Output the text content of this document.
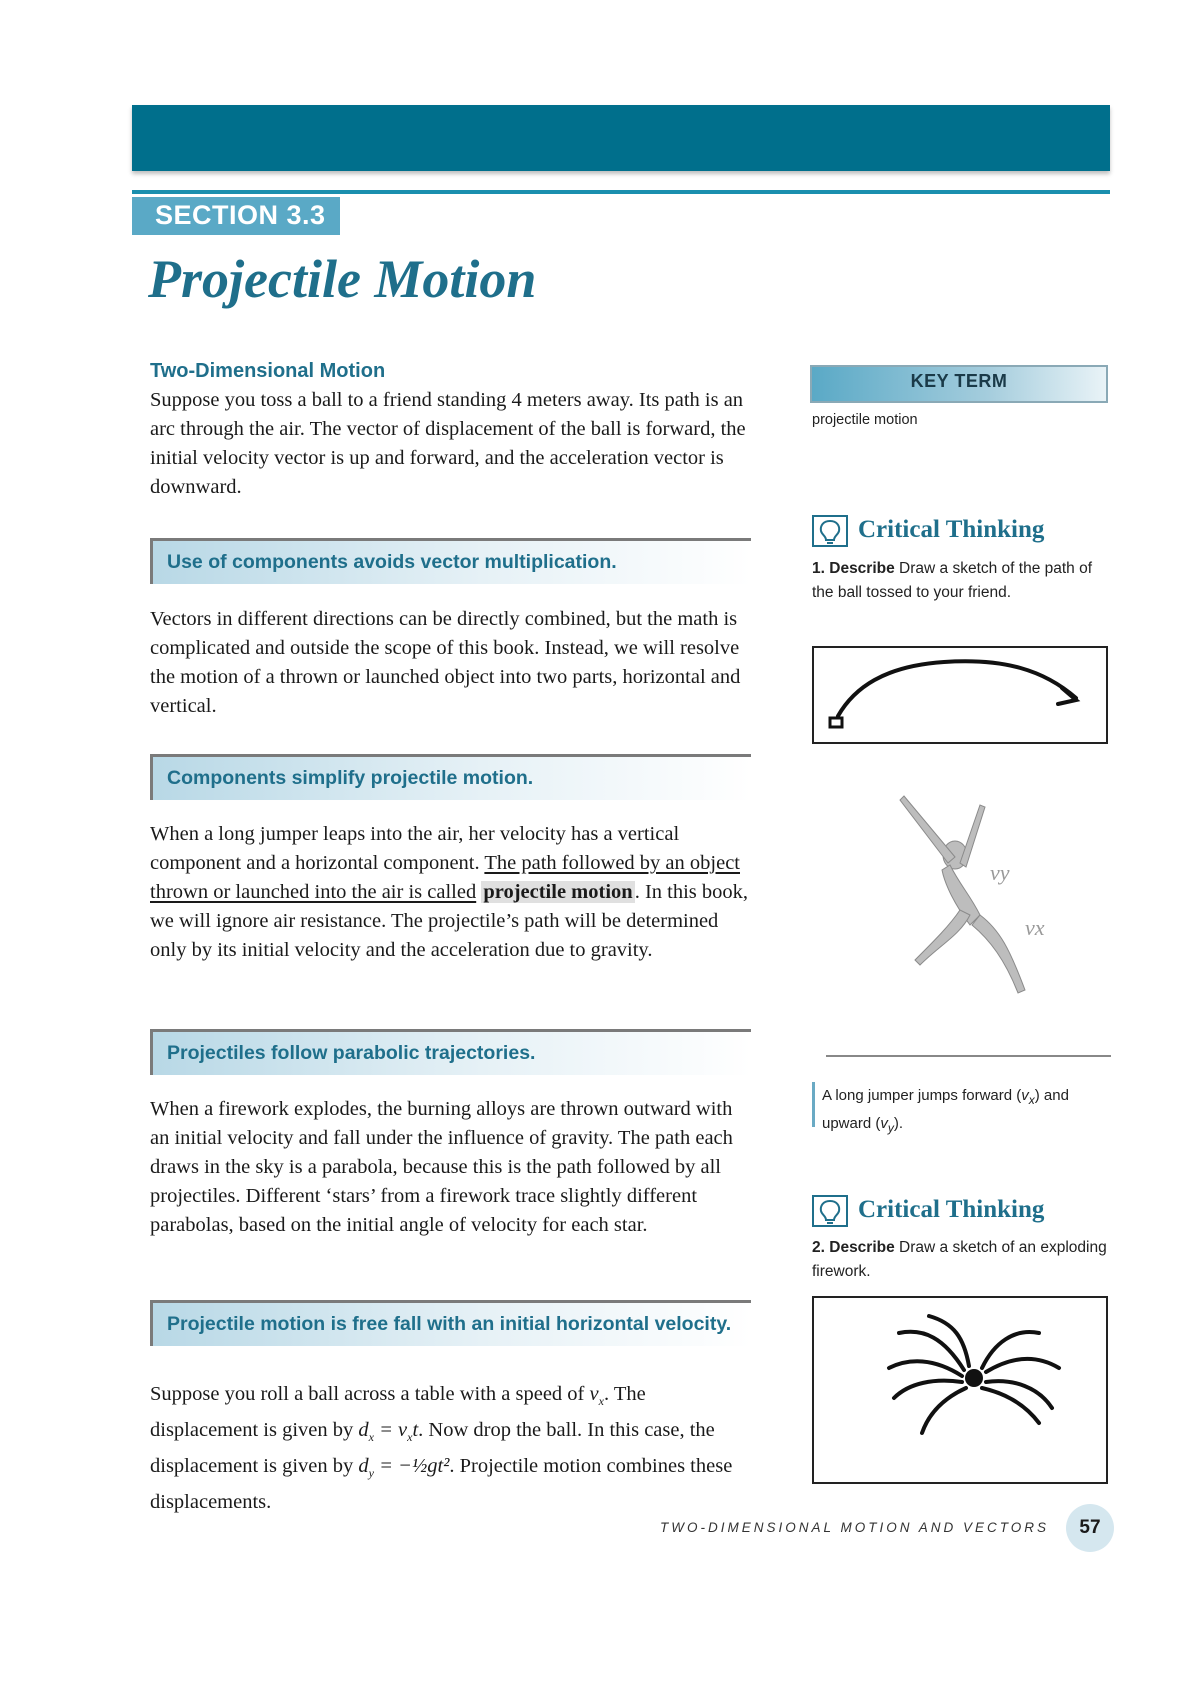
SECTION 3.3
Projectile Motion
Two-Dimensional Motion
Suppose you toss a ball to a friend standing 4 meters away. Its path is an arc through the air. The vector of displacement of the ball is forward, the initial velocity vector is up and forward, and the acceleration vector is downward.
Use of components avoids vector multiplication.
Vectors in different directions can be directly combined, but the math is complicated and outside the scope of this book. Instead, we will resolve the motion of a thrown or launched object into two parts, horizontal and vertical.
Components simplify projectile motion.
When a long jumper leaps into the air, her velocity has a vertical component and a horizontal component. The path followed by an object thrown or launched into the air is called projectile motion. In this book, we will ignore air resistance. The projectile’s path will be determined only by its initial velocity and the acceleration due to gravity.
Projectiles follow parabolic trajectories.
When a firework explodes, the burning alloys are thrown outward with an initial velocity and fall under the influence of gravity. The path each draws in the sky is a parabola, because this is the path followed by all projectiles. Different ‘stars’ from a firework trace slightly different parabolas, based on the initial angle of velocity for each star.
Projectile motion is free fall with an initial horizontal velocity.
Suppose you roll a ball across a table with a speed of $v_x$. The displacement is given by $d_x = v_xt$. Now drop the ball. In this case, the displacement is given by $d_y$ = −½gt². Projectile motion combines these displacements.
KEY TERM
projectile motion
Critical Thinking
1. Describe Draw a sketch of the path of the ball tossed to your friend.
vy
vx
A long jumper jumps forward $(v_x)$ and upward $(v_y)$.
Critical Thinking
2. Describe Draw a sketch of an exploding firework.
TWO-DIMENSIONAL MOTION AND VECTORS	57
